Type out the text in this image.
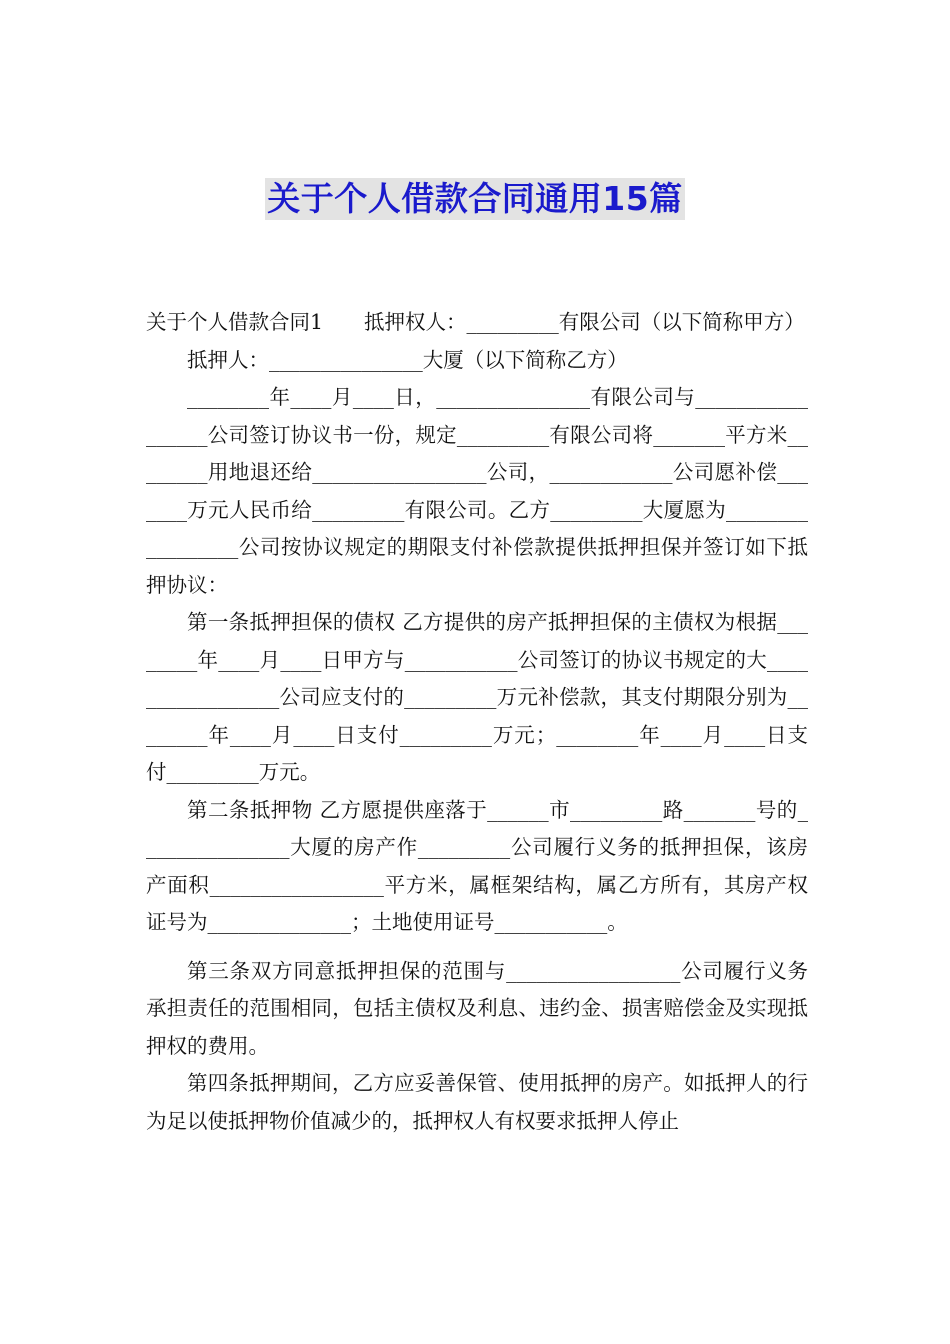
关于个人借款合同通用15篇

关于个人借款合同1　　抵押权人：_________有限公司（以下简称甲方）

抵押人：_______________大厦（以下简称乙方）

________年____月____日，_______________有限公司与_________________公司签订协议书一份，规定_________有限公司将_______平方米________用地退还给_________________公司，____________公司愿补偿_______万元人民币给_________有限公司。乙方_________大厦愿为_________________公司按协议规定的期限支付补偿款提供抵押担保并签订如下抵押协议：

第一条抵押担保的债权 乙方提供的房产抵押担保的主债权为根据________年____月____日甲方与___________公司签订的协议书规定的大_________________公司应支付的_________万元补偿款，其支付期限分别为________年____月____日支付_________万元；________年____月____日支付_________万元。

第二条抵押物 乙方愿提供座落于______市_________路_______号的_______________大厦的房产作_________公司履行义务的抵押担保，该房产面积_________________平方米，属框架结构，属乙方所有，其房产权证号为______________；土地使用证号___________。

第三条双方同意抵押担保的范围与_________________公司履行义务承担责任的范围相同，包括主债权及利息、违约金、损害赔偿金及实现抵押权的费用。

第四条抵押期间，乙方应妥善保管、使用抵押的房产。如抵押人的行为足以使抵押物价值减少的，抵押权人有权要求抵押人停止
